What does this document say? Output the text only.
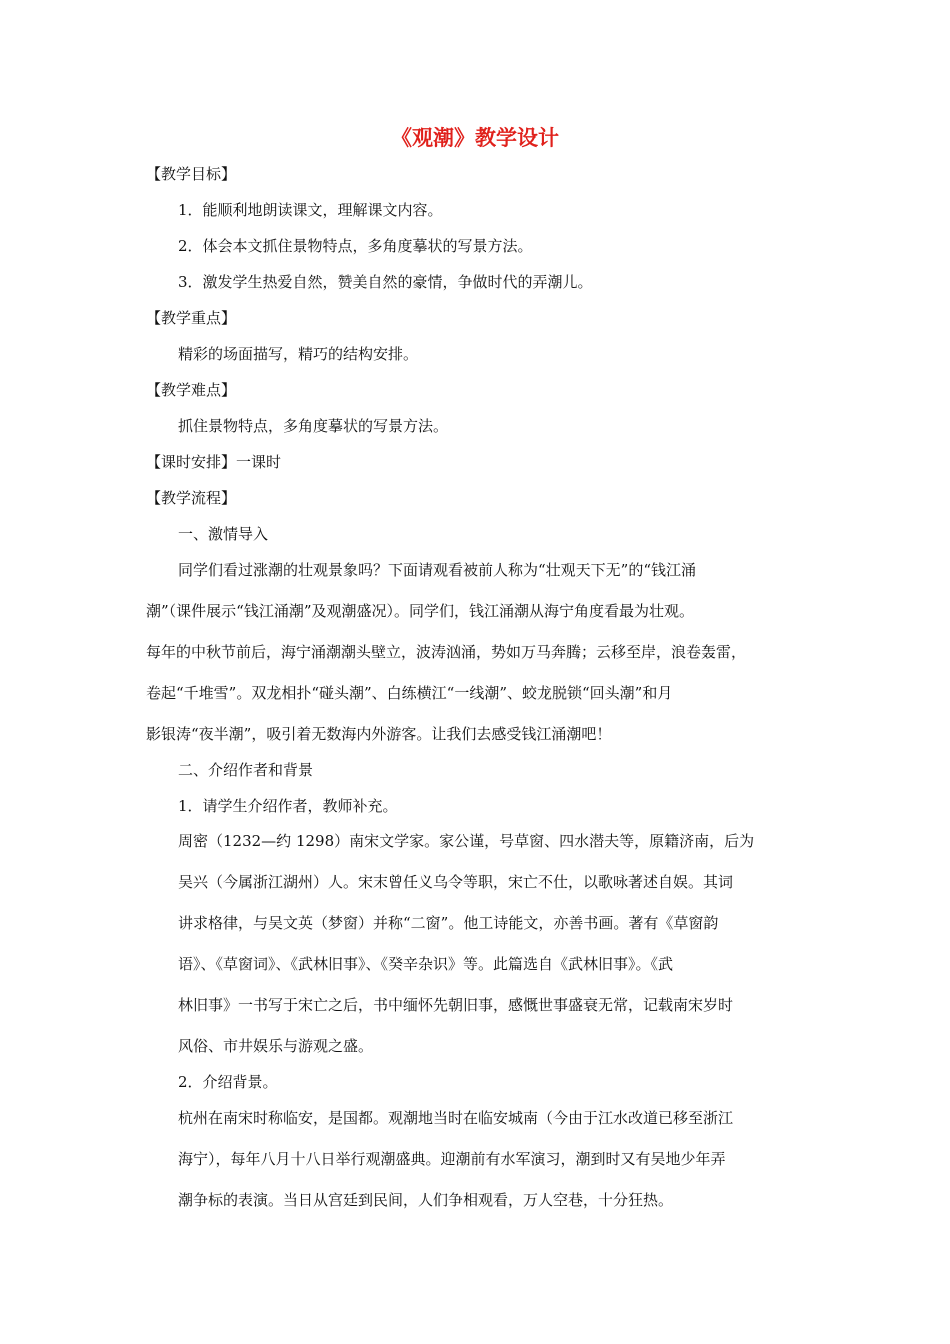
《观潮》教学设计

【教学目标】

1．能顺利地朗读课文，理解课文内容。

2．体会本文抓住景物特点，多角度摹状的写景方法。

3．激发学生热爱自然，赞美自然的豪情，争做时代的弄潮儿。

【教学重点】

精彩的场面描写，精巧的结构安排。

【教学难点】

抓住景物特点，多角度摹状的写景方法。

【课时安排】一课时

【教学流程】

一、激情导入

同学们看过涨潮的壮观景象吗？下面请观看被前人称为“壮观天下无”的“钱江涌

潮”（课件展示“钱江涌潮”及观潮盛况）。同学们，钱江涌潮从海宁角度看最为壮观。

每年的中秋节前后，海宁涌潮潮头壁立，波涛汹涌，势如万马奔腾；云移至岸，浪卷轰雷，

卷起“千堆雪”。双龙相扑“碰头潮”、白练横江“一线潮”、蛟龙脱锁“回头潮”和月

影银涛“夜半潮”，吸引着无数海内外游客。让我们去感受钱江涌潮吧！

二、介绍作者和背景

1．请学生介绍作者，教师补充。

周密（1232—约 1298）南宋文学家。家公谨，号草窗、四水潜夫等，原籍济南，后为

吴兴（今属浙江湖州）人。宋末曾任义乌令等职，宋亡不仕，以歌咏著述自娱。其词

讲求格律，与吴文英（梦窗）并称“二窗”。他工诗能文，亦善书画。著有《草窗韵

语》、《草窗词》、《武林旧事》、《癸辛杂识》等。此篇选自《武林旧事》。《武

林旧事》一书写于宋亡之后，书中缅怀先朝旧事，感慨世事盛衰无常，记载南宋岁时

风俗、市井娱乐与游观之盛。

2．介绍背景。

杭州在南宋时称临安，是国都。观潮地当时在临安城南（今由于江水改道已移至浙江

海宁），每年八月十八日举行观潮盛典。迎潮前有水军演习，潮到时又有吴地少年弄

潮争标的表演。当日从宫廷到民间，人们争相观看，万人空巷，十分狂热。
